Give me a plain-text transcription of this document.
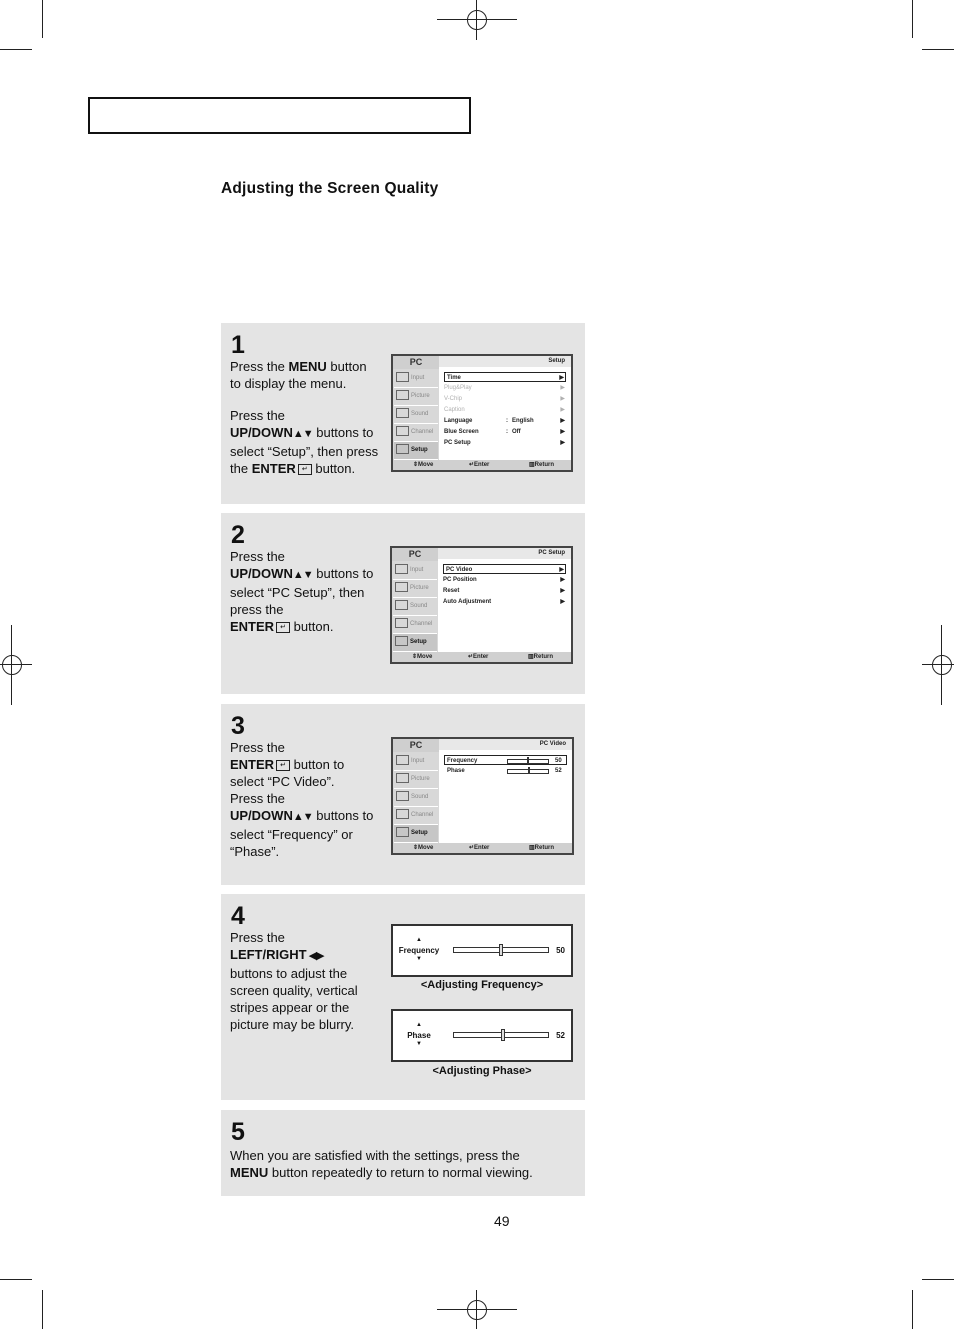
Adjusting the Screen Quality
1
Press the MENU button to display the menu.
Press the
UP/DOWN▲▼ buttons to select “Setup”, then press the ENTER ↵ button.
PC
Input
Picture
Sound
Channel
Setup
Setup
Time	▶
Plug&Play	▶
V-Chip	▶
Caption	▶
Language	: English	▶
Blue Screen	: Off	▶
PC Setup	▶
⇕ Move	↵ Enter	▥ Return
2
Press the
UP/DOWN▲▼ buttons to select “PC Setup”, then press the
ENTER ↵ button.
PC
Input
Picture
Sound
Channel
Setup
PC Setup
PC Video	▶
PC Position	▶
Reset	▶
Auto Adjustment	▶
⇕ Move	↵ Enter	▥ Return
3
Press the
ENTER ↵ button to select “PC Video”.
Press the
UP/DOWN▲▼ buttons to select “Frequency” or “Phase”.
PC
Input
Picture
Sound
Channel
Setup
PC Video
Frequency	50
Phase	52
⇕ Move	↵ Enter	▥ Return
4
Press the
LEFT/RIGHT ◀▶
buttons to adjust the screen quality, vertical stripes appear or the picture may be blurry.
▲
Frequency
▼
50
<Adjusting Frequency>
▲
Phase
▼
52
<Adjusting Phase>
5
When you are satisfied with the settings, press the
MENU button repeatedly to return to normal viewing.
49
